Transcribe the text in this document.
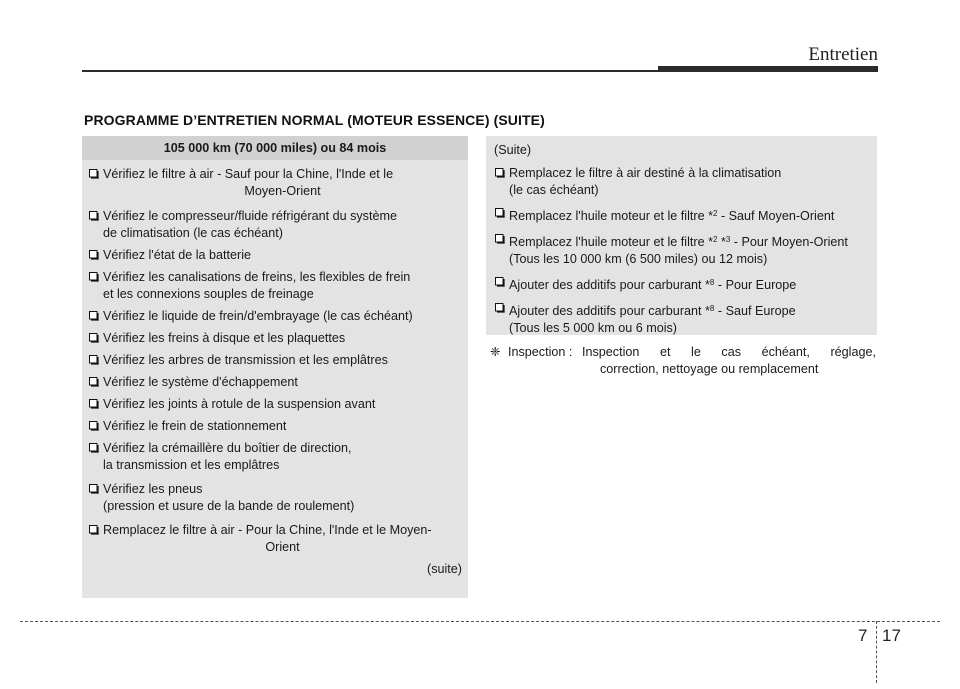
Entretien
PROGRAMME D’ENTRETIEN NORMAL (MOTEUR ESSENCE) (SUITE)
105 000 km (70 000 miles) ou 84 mois
Vérifiez le filtre à air - Sauf pour la Chine, l'Inde et le
Moyen-Orient
Vérifiez le compresseur/fluide réfrigérant du système
de climatisation (le cas échéant)
Vérifiez l'état de la batterie
Vérifiez les canalisations de freins, les flexibles de frein
et les connexions souples de freinage
Vérifiez le liquide de frein/d'embrayage (le cas échéant)
Vérifiez les freins à disque et les plaquettes
Vérifiez les arbres de transmission et les emplâtres
Vérifiez le système d'échappement
Vérifiez les joints à rotule de la suspension avant
Vérifiez le frein de stationnement
Vérifiez la crémaillère du boîtier de direction,
la transmission et les emplâtres
Vérifiez les pneus
(pression et usure de la bande de roulement)
Remplacez le filtre à air - Pour la Chine, l'Inde et le Moyen-
Orient
(suite)
(Suite)
Remplacez le filtre à air destiné à la climatisation
(le cas échéant)
Remplacez l'huile moteur et le filtre *$^2$ - Sauf Moyen-Orient
Remplacez l'huile moteur et le filtre *$^2$ *$^3$ - Pour Moyen-Orient
(Tous les 10 000 km (6 500 miles) ou 12 mois)
Ajouter des additifs pour carburant *$^8$ - Pour Europe
Ajouter des additifs pour carburant *$^8$ - Sauf Europe
(Tous les 5 000 km ou 6 mois)
❈ Inspection : Inspection et le cas échéant, réglage,
correction, nettoyage ou remplacement
7 17
